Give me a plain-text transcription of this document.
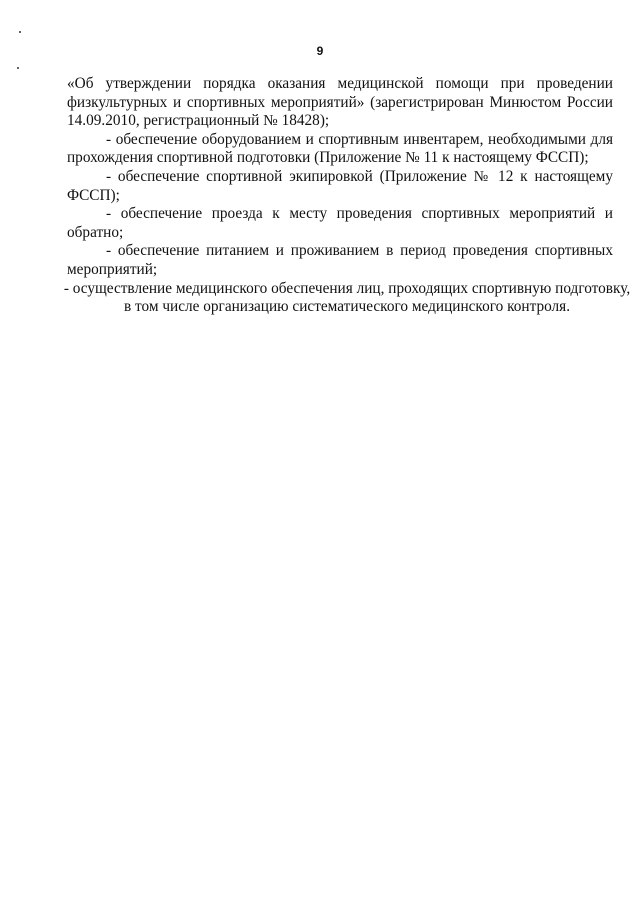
9

«Об утверждении порядка оказания медицинской помощи при проведении физкультурных и спортивных мероприятий» (зарегистрирован Минюстом России 14.09.2010, регистрационный № 18428);

- обеспечение оборудованием и спортивным инвентарем, необходимыми для прохождения спортивной подготовки (Приложение № 11 к настоящему ФССП);

- обеспечение спортивной экипировкой (Приложение № 12 к настоящему ФССП);

- обеспечение проезда к месту проведения спортивных мероприятий и обратно;

- обеспечение питанием и проживанием в период проведения спортивных мероприятий;

- осуществление медицинского обеспечения лиц, проходящих спортивную подготовку, в том числе организацию систематического медицинского контроля.
